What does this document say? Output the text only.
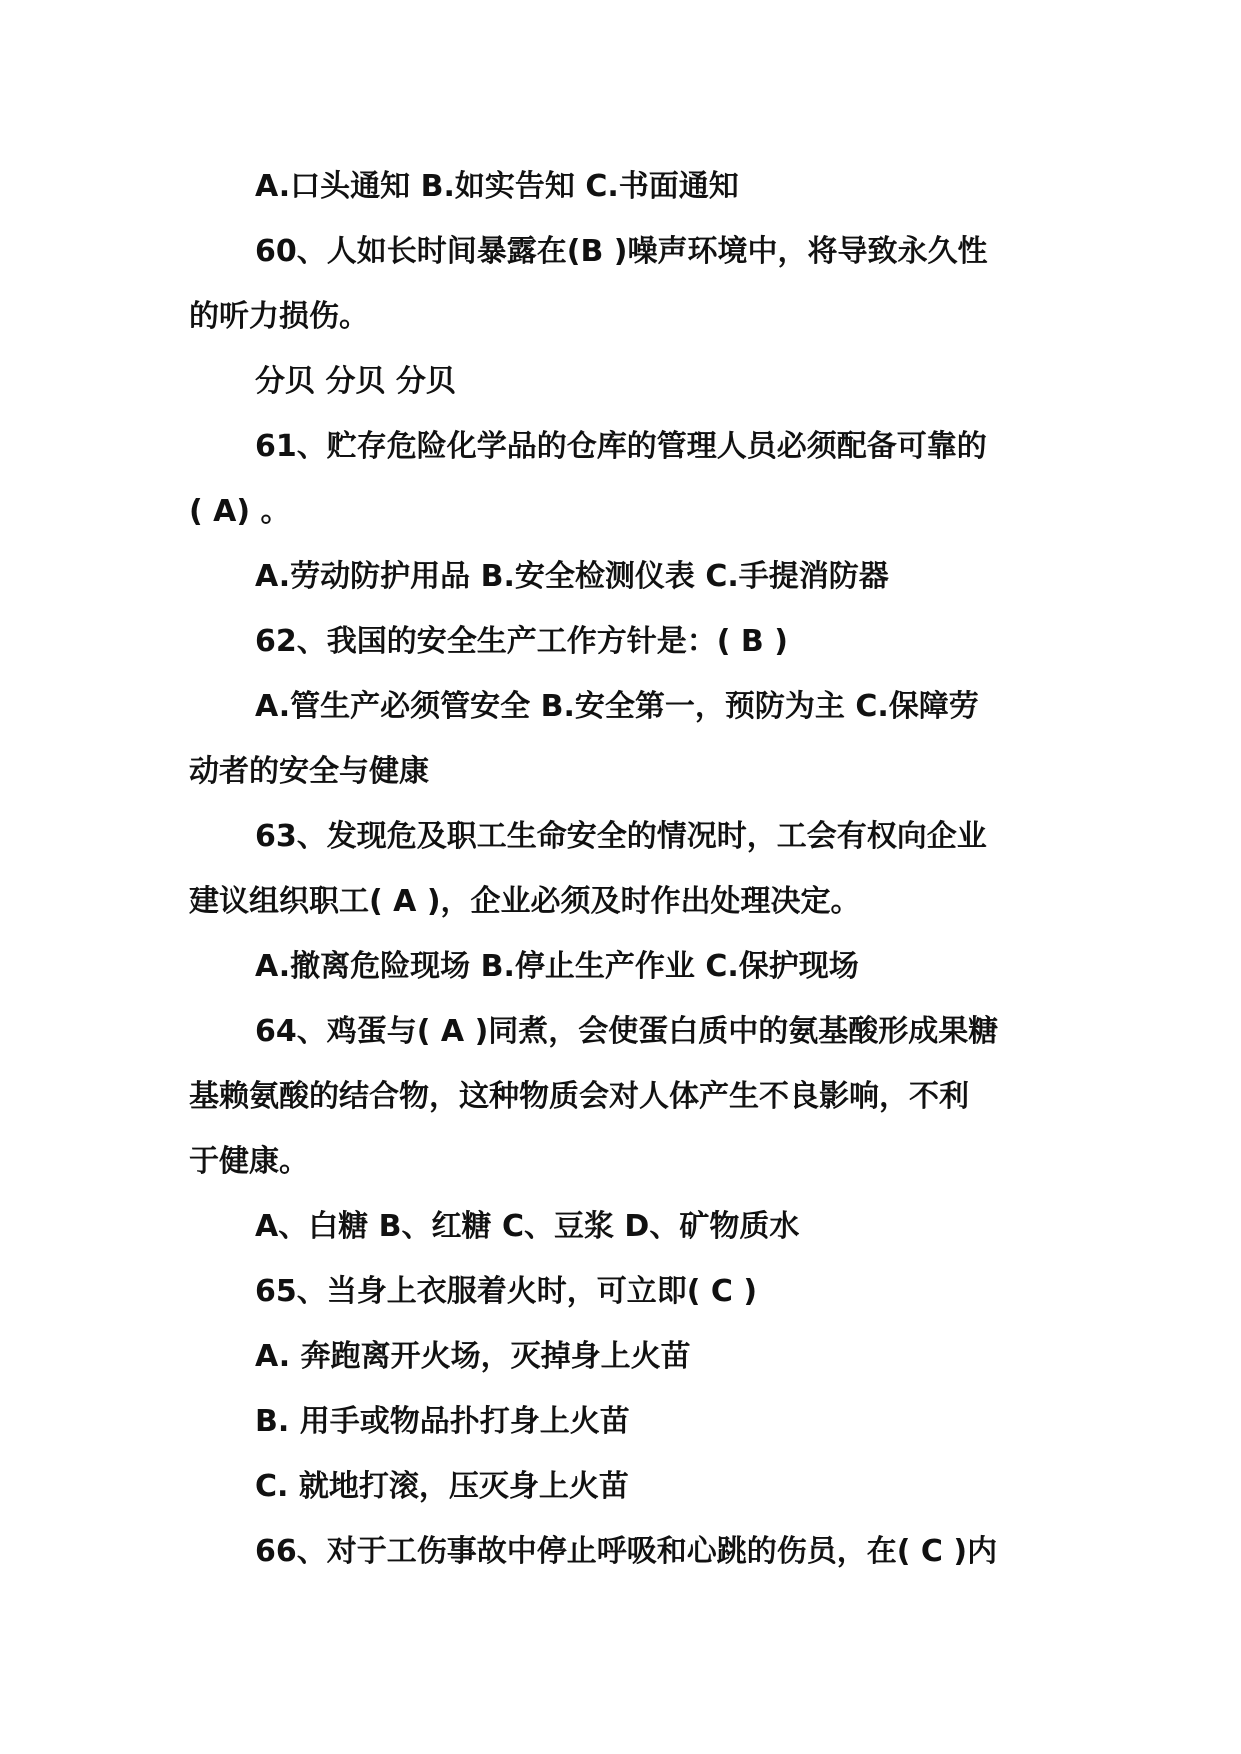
A.口头通知 B.如实告知 C.书面通知
60、人如长时间暴露在(B )噪声环境中，将导致永久性
的听力损伤。
分贝 分贝 分贝
61、贮存危险化学品的仓库的管理人员必须配备可靠的
( A) 。
A.劳动防护用品 B.安全检测仪表 C.手提消防器
62、我国的安全生产工作方针是：( B )
A.管生产必须管安全 B.安全第一，预防为主 C.保障劳
动者的安全与健康
63、发现危及职工生命安全的情况时，工会有权向企业
建议组织职工( A )，企业必须及时作出处理决定。
A.撤离危险现场 B.停止生产作业 C.保护现场
64、鸡蛋与( A )同煮，会使蛋白质中的氨基酸形成果糖
基赖氨酸的结合物，这种物质会对人体产生不良影响，不利
于健康。
A、白糖 B、红糖 C、豆浆 D、矿物质水
65、当身上衣服着火时，可立即( C )
A. 奔跑离开火场，灭掉身上火苗
B. 用手或物品扑打身上火苗
C. 就地打滚，压灭身上火苗
66、对于工伤事故中停止呼吸和心跳的伤员，在( C )内
